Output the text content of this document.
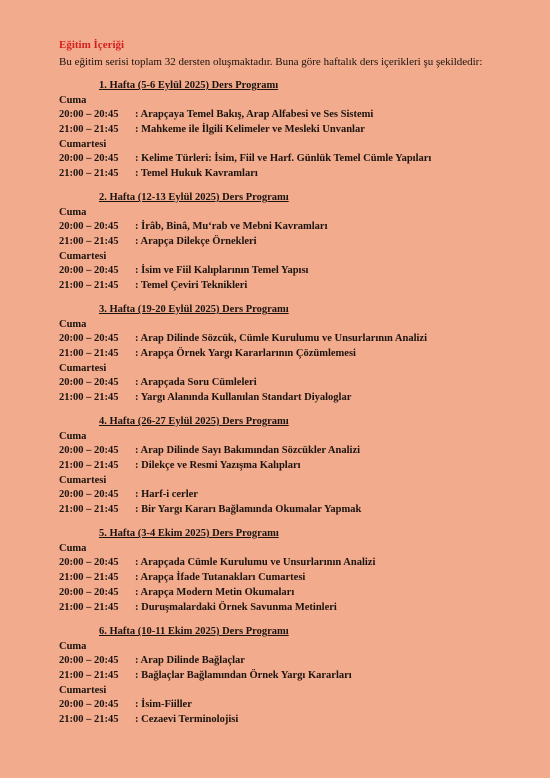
Eğitim İçeriği
Bu eğitim serisi toplam 32 dersten oluşmaktadır. Buna göre haftalık ders içerikleri şu şekildedir:
1. Hafta (5-6 Eylül 2025) Ders Programı
Cuma
20:00 – 20:45 : Arapçaya Temel Bakış, Arap Alfabesi ve Ses Sistemi
21:00 – 21:45 : Mahkeme ile İlgili Kelimeler ve Mesleki Unvanlar
Cumartesi
20:00 – 20:45 : Kelime Türleri: İsim, Fiil ve Harf. Günlük Temel Cümle Yapıları
21:00 – 21:45 : Temel Hukuk Kavramları
2. Hafta (12-13 Eylül 2025) Ders Programı
Cuma
20:00 – 20:45 : İrâb, Binâ, Mu‘rab ve Mebni Kavramları
21:00 – 21:45 : Arapça Dilekçe Örnekleri
Cumartesi
20:00 – 20:45 : İsim ve Fiil Kalıplarının Temel Yapısı
21:00 – 21:45 : Temel Çeviri Teknikleri
3. Hafta (19-20 Eylül 2025) Ders Programı
Cuma
20:00 – 20:45 : Arap Dilinde Sözcük, Cümle Kurulumu ve Unsurlarının Analizi
21:00 – 21:45 : Arapça Örnek Yargı Kararlarının Çözümlemesi
Cumartesi
20:00 – 20:45 : Arapçada Soru Cümleleri
21:00 – 21:45 : Yargı Alanında Kullanılan Standart Diyaloglar
4. Hafta (26-27 Eylül 2025) Ders Programı
Cuma
20:00 – 20:45 : Arap Dilinde Sayı Bakımından Sözcükler Analizi
21:00 – 21:45 : Dilekçe ve Resmi Yazışma Kalıpları
Cumartesi
20:00 – 20:45 : Harf-i cerler
21:00 – 21:45 : Bir Yargı Kararı Bağlamında Okumalar Yapmak
5. Hafta (3-4 Ekim 2025) Ders Programı
Cuma
20:00 – 20:45 : Arapçada Cümle Kurulumu ve Unsurlarının Analizi
21:00 – 21:45 : Arapça İfade Tutanakları Cumartesi
20:00 – 20:45 : Arapça Modern Metin Okumaları
21:00 – 21:45 : Duruşmalardaki Örnek Savunma Metinleri
6. Hafta (10-11 Ekim 2025) Ders Programı
Cuma
20:00 – 20:45 : Arap Dilinde Bağlaçlar
21:00 – 21:45 : Bağlaçlar Bağlamından Örnek Yargı Kararları
Cumartesi
20:00 – 20:45 : İsim-Fiiller
21:00 – 21:45 : Cezaevi Terminolojisi
